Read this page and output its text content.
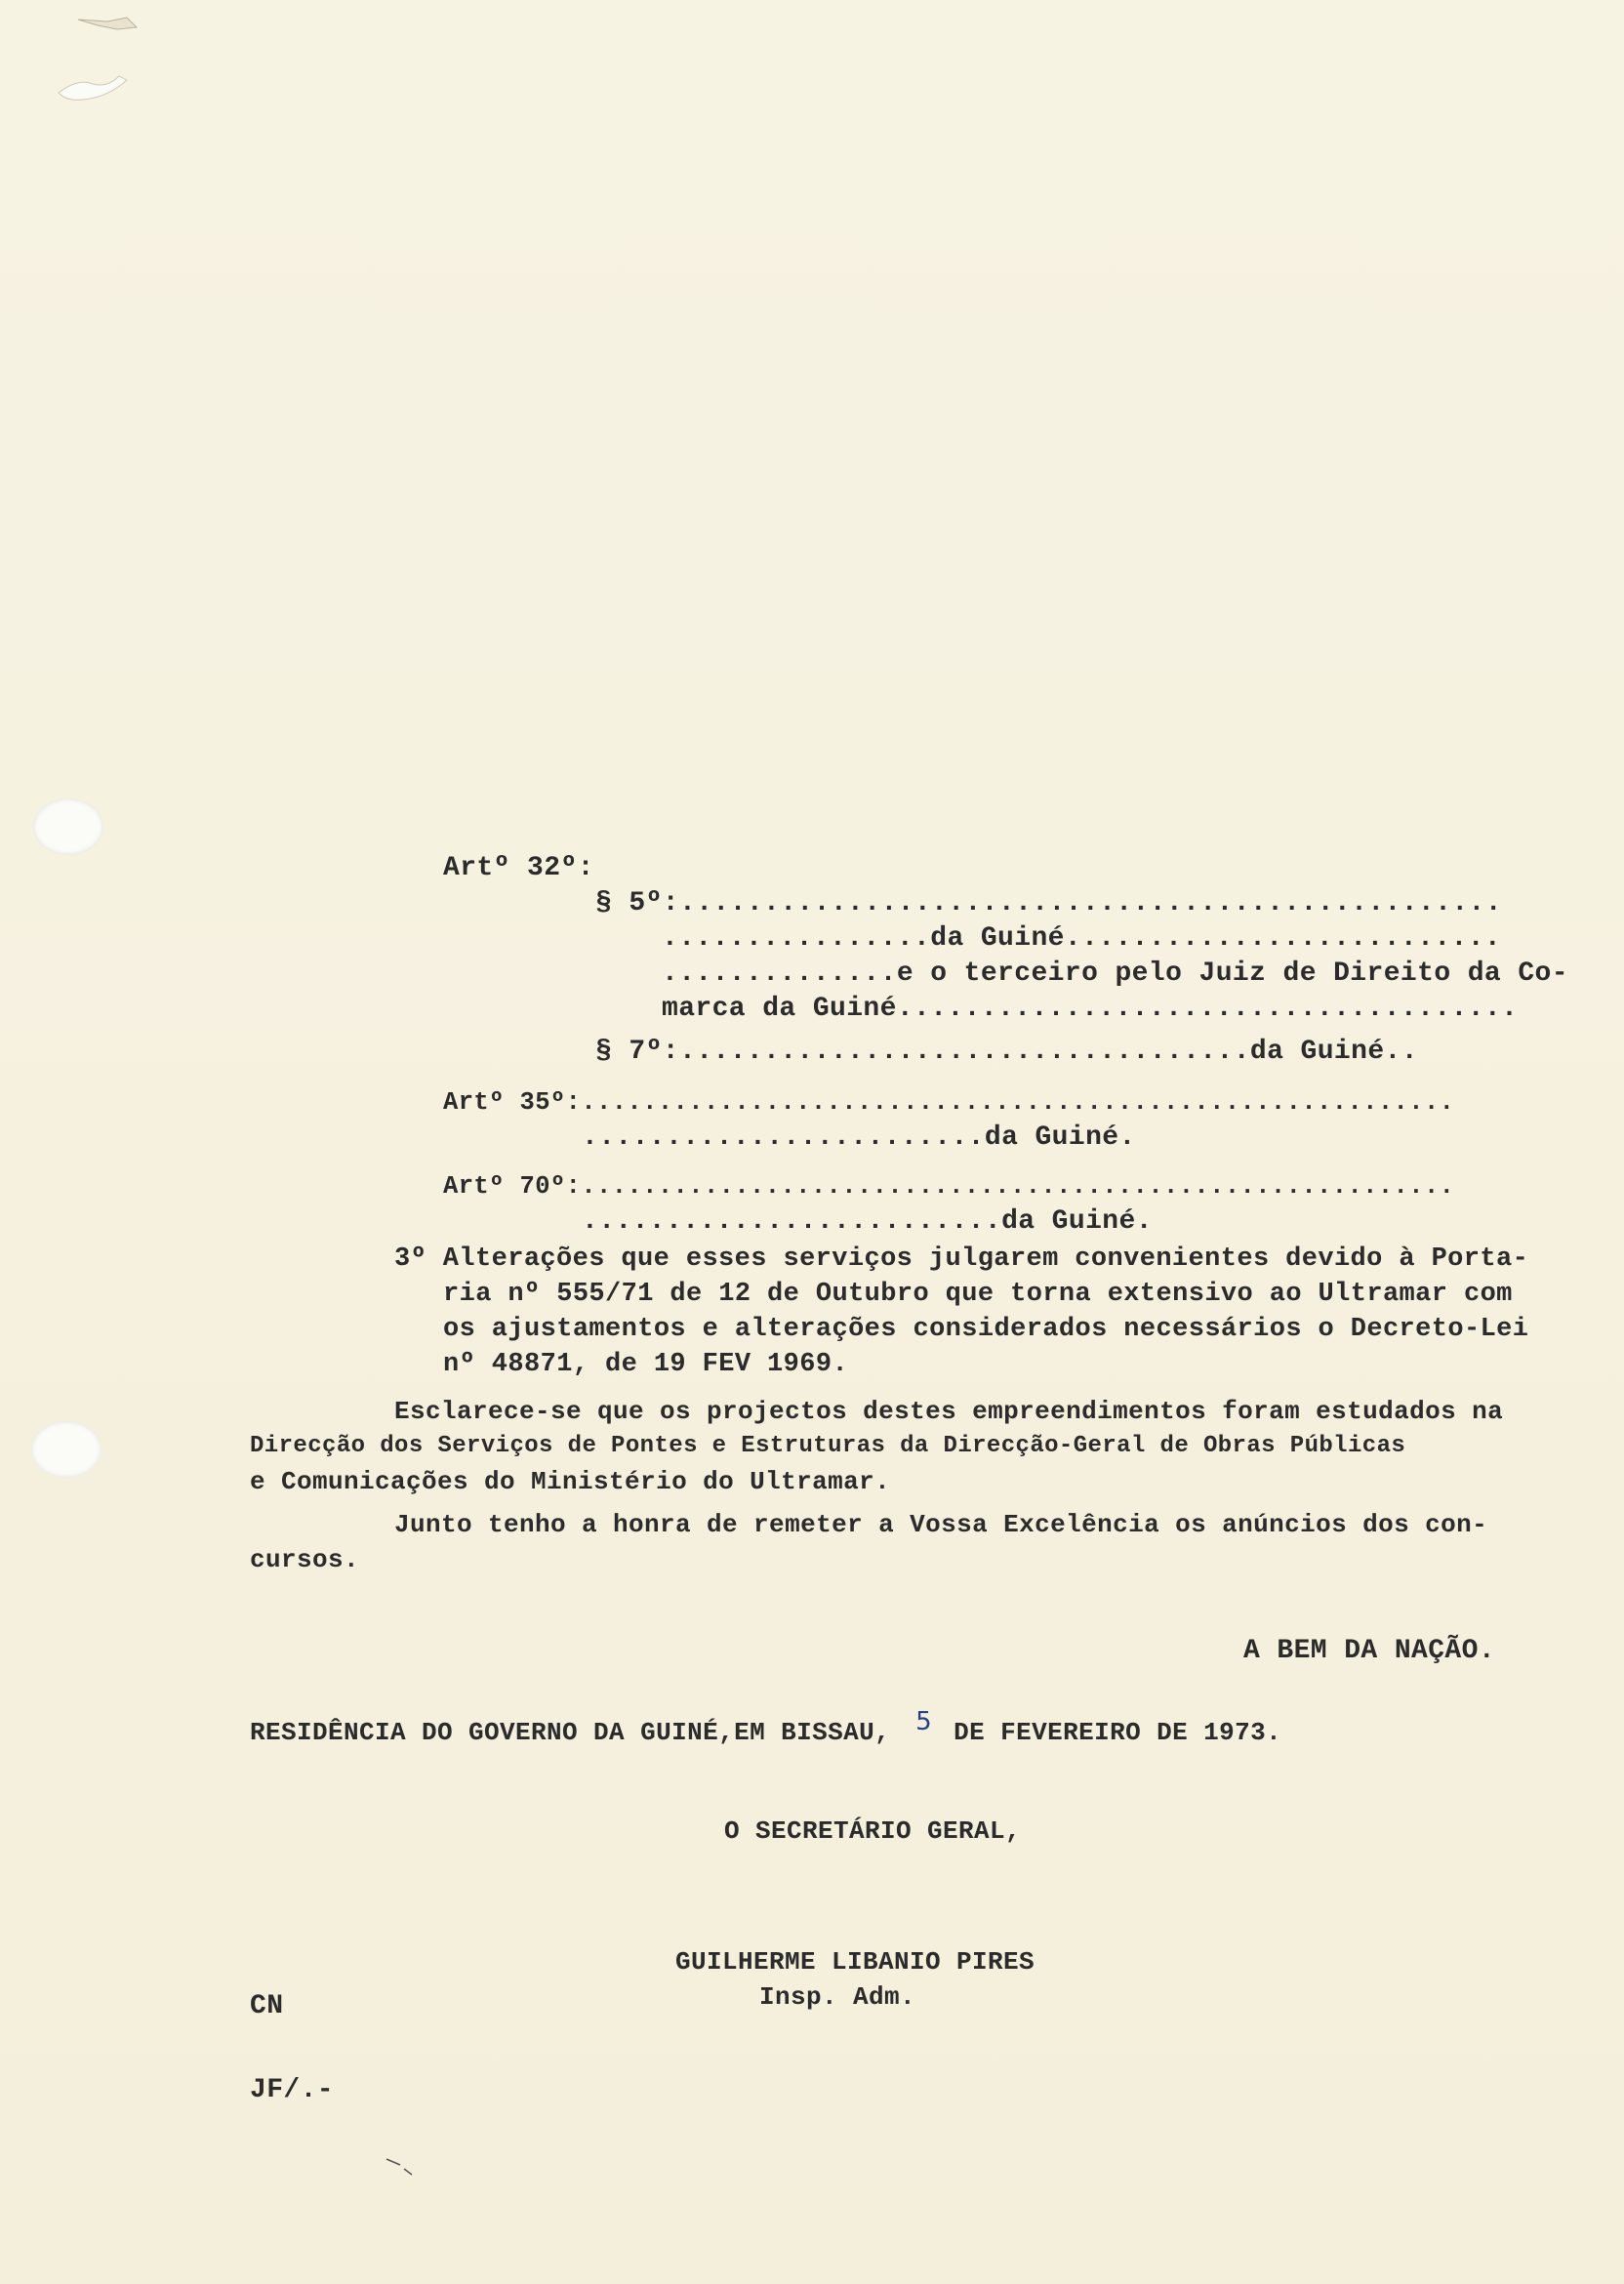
Artº 32º:
§ 5º:.................................................
................da Guiné..........................
..............e o terceiro pelo Juiz de Direito da Co-
marca da Guiné.....................................
§ 7º:..................................da Guiné..
Artº 35º:.........................................................
........................da Guiné.
Artº 70º:.........................................................
.........................da Guiné.
3º Alterações que esses serviços julgarem convenientes devido à Porta-
ria nº 555/71 de 12 de Outubro que torna extensivo ao Ultramar com
os ajustamentos e alterações considerados necessários o Decreto-Lei
nº 48871, de 19 FEV 1969.
Esclarece-se que os projectos destes empreendimentos foram estudados na
Direcção dos Serviços de Pontes e Estruturas da Direcção-Geral de Obras Públicas
e Comunicações do Ministério do Ultramar.
Junto tenho a honra de remeter a Vossa Excelência os anúncios dos con-
cursos.
A BEM DA NAÇÃO.
RESIDÊNCIA DO GOVERNO DA GUINÉ,EM BISSAU, 5 DE FEVEREIRO DE 1973.
O SECRETÁRIO GERAL,
GUILHERME LIBANIO PIRES
Insp. Adm.
CN
JF/.-
